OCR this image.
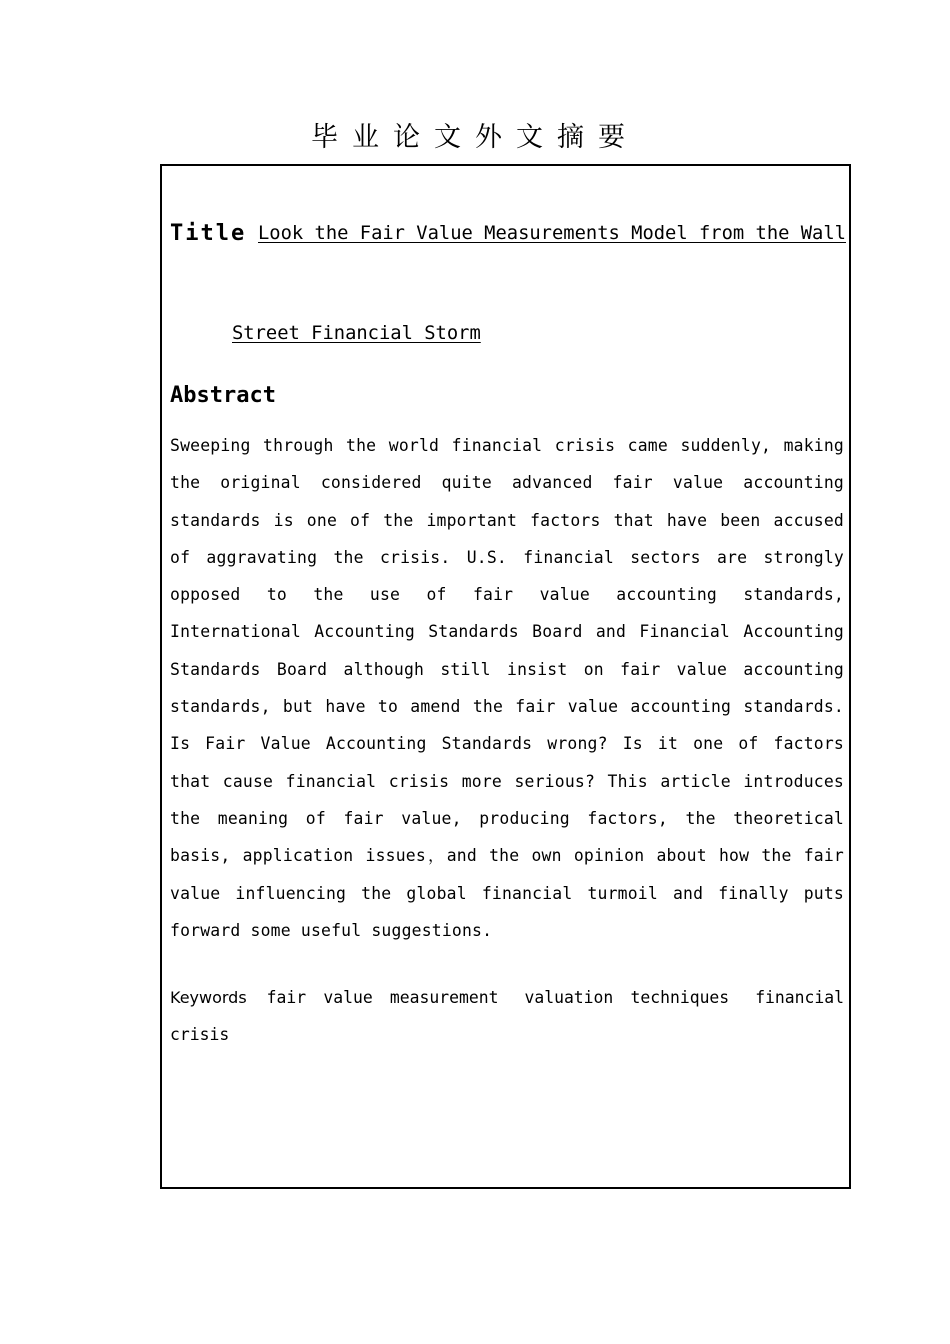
毕业论文外文摘要
Title Look the Fair Value Measurements Model from the Wall
Street Financial Storm
Abstract

Sweeping through the world financial crisis came suddenly, making the original considered quite advanced fair value accounting standards is one of the important factors that have been accused of aggravating the crisis. U.S. financial sectors are strongly opposed to the use of fair value accounting standards, International Accounting Standards Board and Financial Accounting Standards Board although still insist on fair value accounting standards, but have to amend the fair value accounting standards. Is Fair Value Accounting Standards wrong? Is it one of factors that cause financial crisis more serious? This article introduces the meaning of fair value, producing factors, the theoretical basis, application issues，and the own opinion about how the fair value influencing the global financial turmoil and finally puts forward some useful suggestions.

Keywords fair value measurement valuation techniques financial crisis
